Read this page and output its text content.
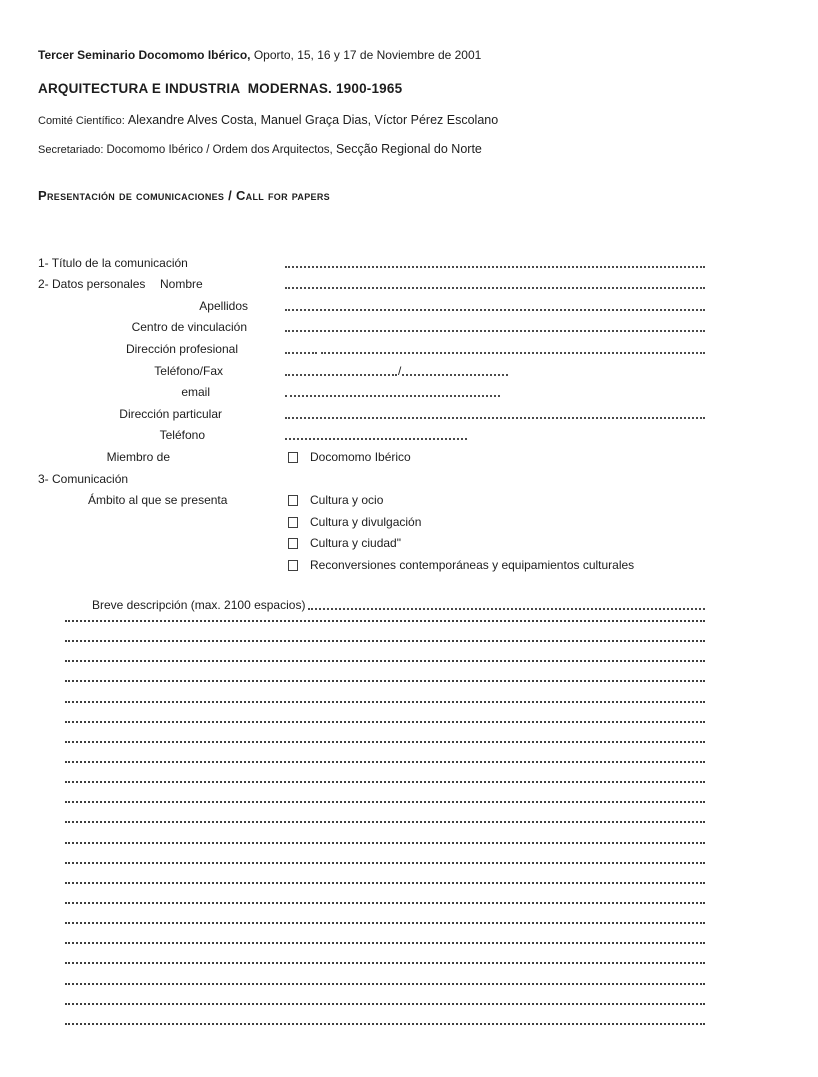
Tercer Seminario Docomomo Ibérico, Oporto, 15, 16 y 17 de Noviembre de 2001
ARQUITECTURA E INDUSTRIA  MODERNAS. 1900-1965
Comité Científico: Alexandre Alves Costa, Manuel Graça Dias, Víctor Pérez Escolano
Secretariado: Docomomo Ibérico / Ordem dos Arquitectos, Secção Regional do Norte
Presentación de comunicaciones / Call for papers
1- Título de la comunicación
2- Datos personales Nombre
Apellidos
Centro de vinculación
Dirección profesional
Teléfono/Fax	/
email
Dirección particular
Teléfono
Miembro de	Docomomo Ibérico
3- Comunicación
Ámbito al que se presenta	Cultura y ocio
Cultura y divulgación
Cultura y ciudad"
Reconversiones contemporáneas y equipamientos culturales
Breve descripción (max. 2100 espacios)
